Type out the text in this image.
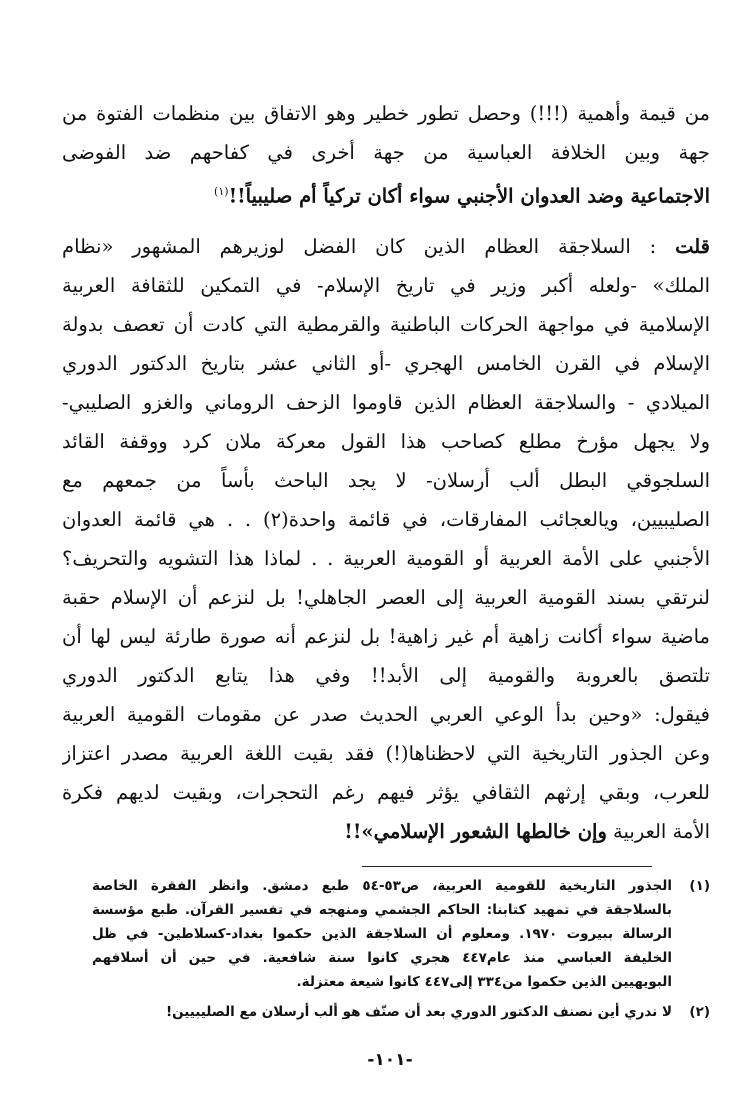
من قيمة وأهمية (!!!) وحصل تطور خطير وهو الاتفاق بين منظمات الفتوة من
جهة وبين الخلافة العباسية من جهة أخرى في كفاحهم ضد الفوضى
الاجتماعية وضد العدوان الأجنبي سواء أكان تركياً أم صليبياً!!$^{(١)}$
قلت : السلاجقة العظام الذين كان الفضل لوزيرهم المشهور «نظام
الملك» -ولعله أكبر وزير في تاريخ الإسلام- في التمكين للثقافة العربية
الإسلامية في مواجهة الحركات الباطنية والقرمطية التي كادت أن تعصف بدولة
الإسلام في القرن الخامس الهجري -أو الثاني عشر بتاريخ الدكتور الدوري
الميلادي - والسلاجقة العظام الذين قاوموا الزحف الروماني والغزو الصليبي-
ولا يجهل مؤرخ مطلع كصاحب هذا القول معركة ملان كرد ووقفة القائد
السلجوقي البطل ألب أرسلان- لا يجد الباحث بأساً من جمعهم مع
الصليبيين، ويالعجائب المفارقات، في قائمة واحدة(٢) . . هي قائمة العدوان
الأجنبي على الأمة العربية أو القومية العربية . . لماذا هذا التشويه والتحريف؟
لنرتقي بسند القومية العربية إلى العصر الجاهلي! بل لنزعم أن الإسلام حقبة
ماضية سواء أكانت زاهية أم غير زاهية! بل لنزعم أنه صورة طارئة ليس لها أن
تلتصق بالعروبة والقومية إلى الأبد!! وفي هذا يتابع الدكتور الدوري
فيقول: «وحين بدأ الوعي العربي الحديث صدر عن مقومات القومية العربية
وعن الجذور التاريخية التي لاحظناها(!) فقد بقيت اللغة العربية مصدر اعتزاز
للعرب، وبقي إرثهم الثقافي يؤثر فيهم رغم التحجرات، وبقيت لديهم فكرة
الأمة العربية وإن خالطها الشعور الإسلامي»!!
(١)
الجذور التاريخية للقومية العربية، ص٥٣-٥٤ طبع دمشق. وانظر الفقرة الخاصة
بالسلاجقة في تمهيد كتابنا: الحاكم الجشمي ومنهجه في تفسير القرآن. طبع مؤسسة
الرسالة ببيروت ١٩٧٠. ومعلوم أن السلاجقة الذين حكموا بغداد-كسلاطين- في ظل
الخليفة العباسي منذ عام٤٤٧ هجري كانوا سنة شافعية. في حين أن أسلافهم
البويهيين الذين حكموا من٣٣٤ إلى٤٤٧ كانوا شيعة معتزلة.
(٢)
لا ندري أين نصنف الدكتور الدوري بعد أن صنّف هو ألب أرسلان مع الصليبيين!
-١٠١-
